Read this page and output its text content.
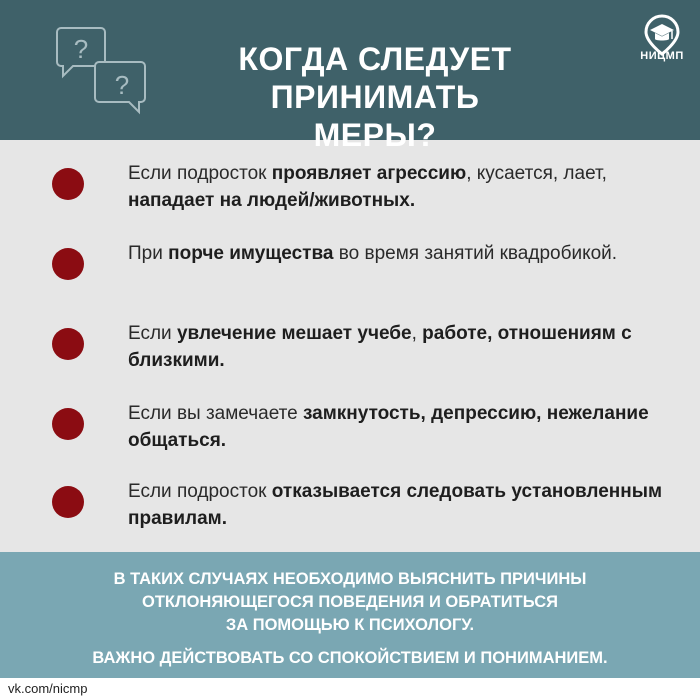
?
?
КОГДА СЛЕДУЕТ
ПРИНИМАТЬ МЕРЫ?
НИЦМП
Если подросток проявляет агрессию, кусается, лает, нападает на людей/животных.
При порче имущества во время занятий квадробикой.
Если увлечение мешает учебе, работе, отношениям с близкими.
Если вы замечаете замкнутость, депрессию, нежелание общаться.
Если подросток отказывается следовать установленным правилам.
В ТАКИХ СЛУЧАЯХ НЕОБХОДИМО ВЫЯСНИТЬ ПРИЧИНЫ
ОТКЛОНЯЮЩЕГОСЯ ПОВЕДЕНИЯ И ОБРАТИТЬСЯ
ЗА ПОМОЩЬЮ К ПСИХОЛОГУ.
ВАЖНО ДЕЙСТВОВАТЬ СО СПОКОЙСТВИЕМ И ПОНИМАНИЕМ.
vk.com/nicmp
